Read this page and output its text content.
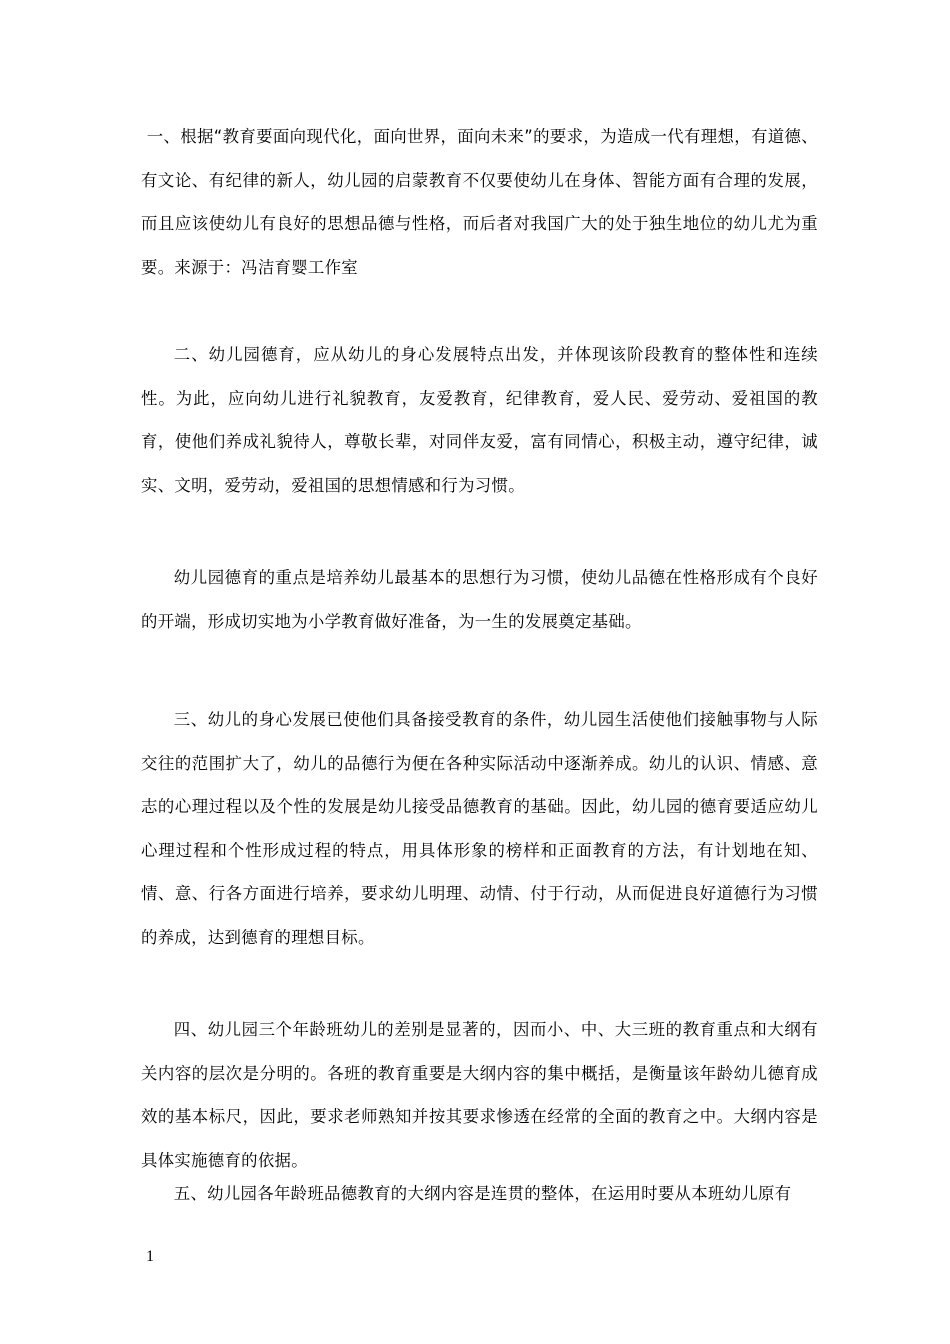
一、根据“教育要面向现代化，面向世界，面向未来”的要求，为造成一代有理想，有道德、有文论、有纪律的新人，幼儿园的启蒙教育不仅要使幼儿在身体、智能方面有合理的发展，而且应该使幼儿有良好的思想品德与性格，而后者对我国广大的处于独生地位的幼儿尤为重要。来源于：冯洁育婴工作室

二、幼儿园德育，应从幼儿的身心发展特点出发，并体现该阶段教育的整体性和连续性。为此，应向幼儿进行礼貌教育，友爱教育，纪律教育，爱人民、爱劳动、爱祖国的教育，使他们养成礼貌待人，尊敬长辈，对同伴友爱，富有同情心，积极主动，遵守纪律，诚实、文明，爱劳动，爱祖国的思想情感和行为习惯。

幼儿园德育的重点是培养幼儿最基本的思想行为习惯，使幼儿品德在性格形成有个良好的开端，形成切实地为小学教育做好准备，为一生的发展奠定基础。

三、幼儿的身心发展已使他们具备接受教育的条件，幼儿园生活使他们接触事物与人际交往的范围扩大了，幼儿的品德行为便在各种实际活动中逐渐养成。幼儿的认识、情感、意志的心理过程以及个性的发展是幼儿接受品德教育的基础。因此，幼儿园的德育要适应幼儿心理过程和个性形成过程的特点，用具体形象的榜样和正面教育的方法，有计划地在知、情、意、行各方面进行培养，要求幼儿明理、动情、付于行动，从而促进良好道德行为习惯的养成，达到德育的理想目标。

四、幼儿园三个年龄班幼儿的差别是显著的，因而小、中、大三班的教育重点和大纲有关内容的层次是分明的。各班的教育重要是大纲内容的集中概括，是衡量该年龄幼儿德育成效的基本标尺，因此，要求老师熟知并按其要求惨透在经常的全面的教育之中。大纲内容是具体实施德育的依据。

五、幼儿园各年龄班品德教育的大纲内容是连贯的整体，在运用时要从本班幼儿原有

1
